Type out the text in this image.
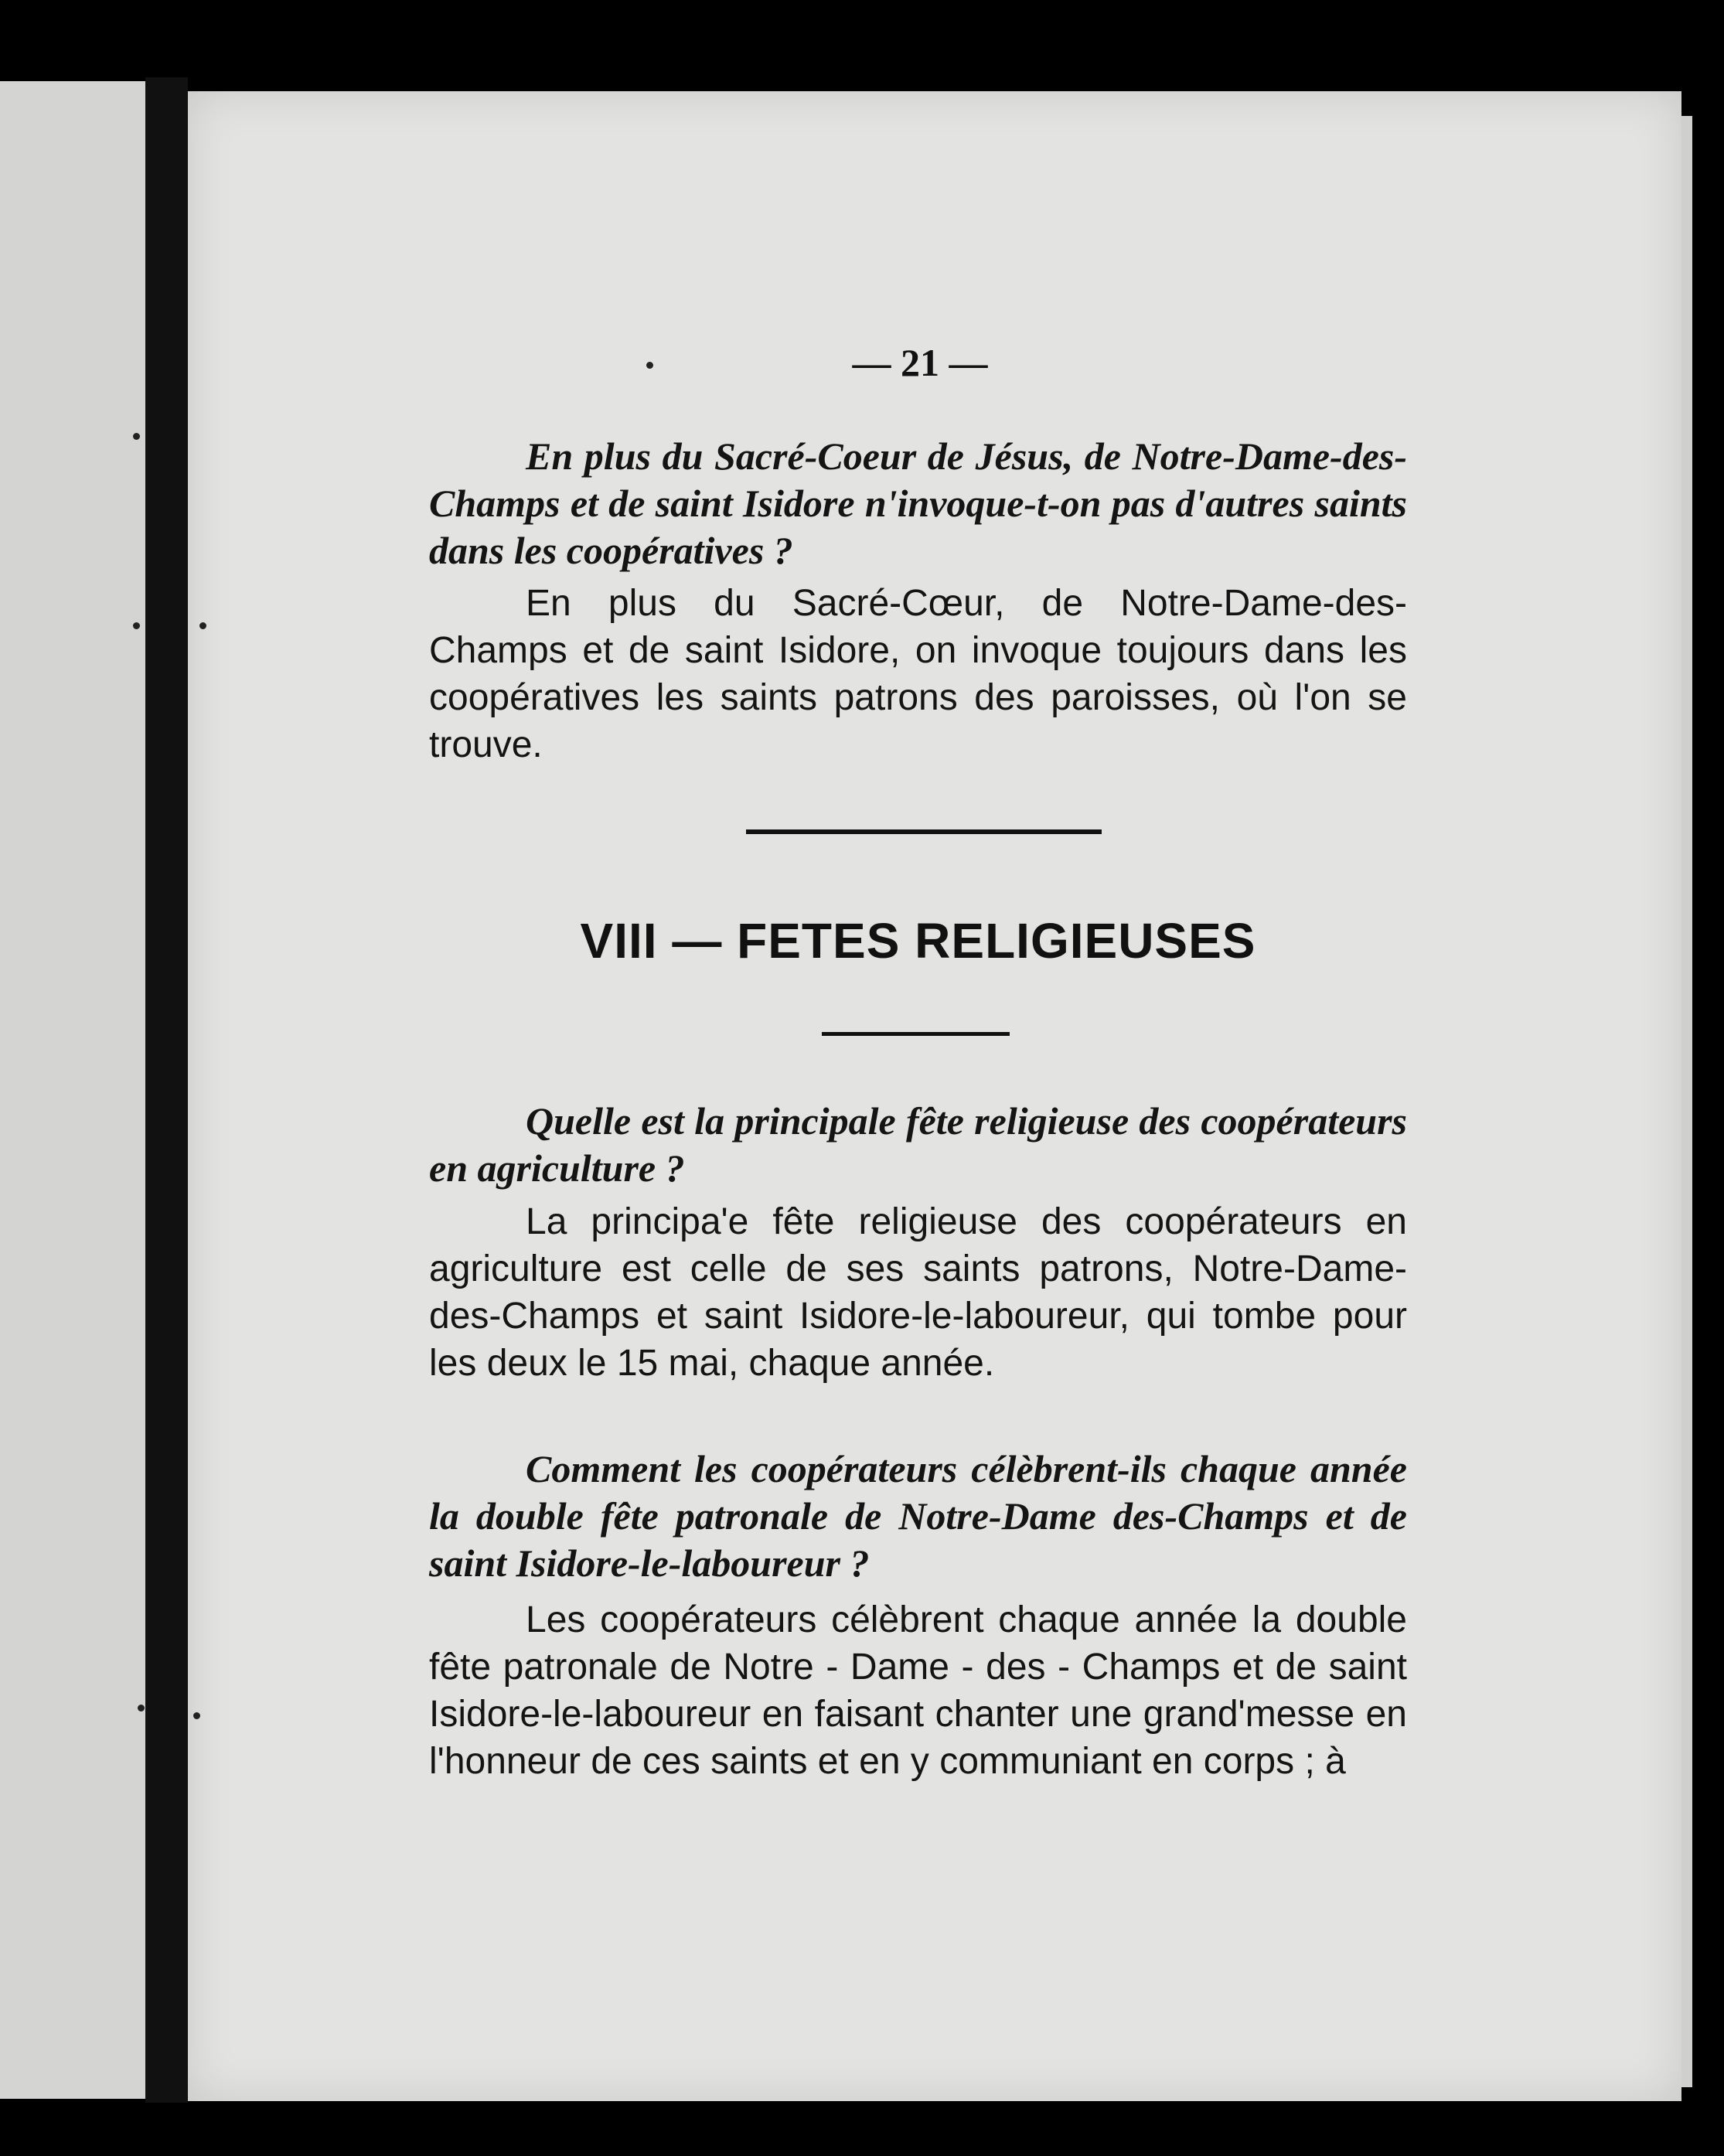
— 21 —

En plus du Sacré-Coeur de Jésus, de Notre-Dame-des-Champs et de saint Isidore n'invoque-t-on pas d'autres saints dans les coopératives ?

En plus du Sacré-Cœur, de Notre-Dame-des-Champs et de saint Isidore, on invoque toujours dans les coopératives les saints patrons des paroisses, où l'on se trouve.

VIII — FETES RELIGIEUSES

Quelle est la principale fête religieuse des coopérateurs en agriculture ?

La principa'e fête religieuse des coopérateurs en agriculture est celle de ses saints patrons, Notre-Dame-des-Champs et saint Isidore-le-laboureur, qui tombe pour les deux le 15 mai, chaque année.

Comment les coopérateurs célèbrent-ils chaque année la double fête patronale de Notre-Dame des-Champs et de saint Isidore-le-laboureur ?

Les coopérateurs célèbrent chaque année la double fête patronale de Notre - Dame - des - Champs et de saint Isidore-le-laboureur en faisant chanter une grand'messe en l'honneur de ces saints et en y communiant en corps ; à
